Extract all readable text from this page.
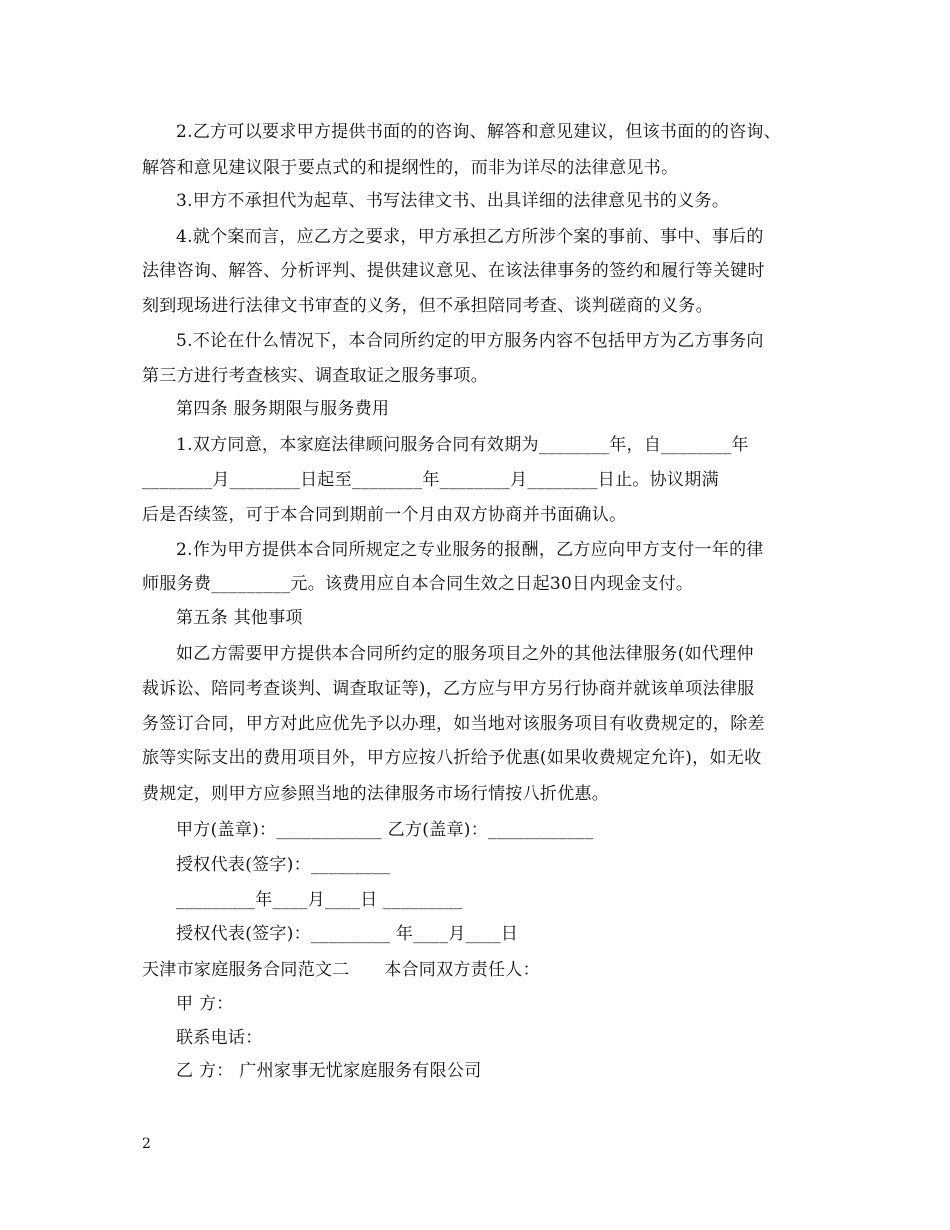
2.乙方可以要求甲方提供书面的的咨询、解答和意见建议，但该书面的的咨询、
解答和意见建议限于要点式的和提纲性的，而非为详尽的法律意见书。
3.甲方不承担代为起草、书写法律文书、出具详细的法律意见书的义务。
4.就个案而言，应乙方之要求，甲方承担乙方所涉个案的事前、事中、事后的
法律咨询、解答、分析评判、提供建议意见、在该法律事务的签约和履行等关键时
刻到现场进行法律文书审查的义务，但不承担陪同考查、谈判磋商的义务。
5.不论在什么情况下，本合同所约定的甲方服务内容不包括甲方为乙方事务向
第三方进行考查核实、调查取证之服务事项。
第四条 服务期限与服务费用
1.双方同意，本家庭法律顾问服务合同有效期为________年，自________年
________月________日起至________年________月________日止。协议期满
后是否续签，可于本合同到期前一个月由双方协商并书面确认。
2.作为甲方提供本合同所规定之专业服务的报酬，乙方应向甲方支付一年的律
师服务费_________元。该费用应自本合同生效之日起30日内现金支付。
第五条 其他事项
如乙方需要甲方提供本合同所约定的服务项目之外的其他法律服务(如代理仲
裁诉讼、陪同考查谈判、调查取证等)，乙方应与甲方另行协商并就该单项法律服
务签订合同，甲方对此应优先予以办理，如当地对该服务项目有收费规定的，除差
旅等实际支出的费用项目外，甲方应按八折给予优惠(如果收费规定允许)，如无收
费规定，则甲方应参照当地的法律服务市场行情按八折优惠。
甲方(盖章)：____________ 乙方(盖章)：____________
授权代表(签字)：_________
_________年____月____日 _________
授权代表(签字)：_________ 年____月____日
天津市家庭服务合同范文二　　本合同双方责任人：
甲 方：
联系电话：
乙 方： 广州家事无忧家庭服务有限公司
2
